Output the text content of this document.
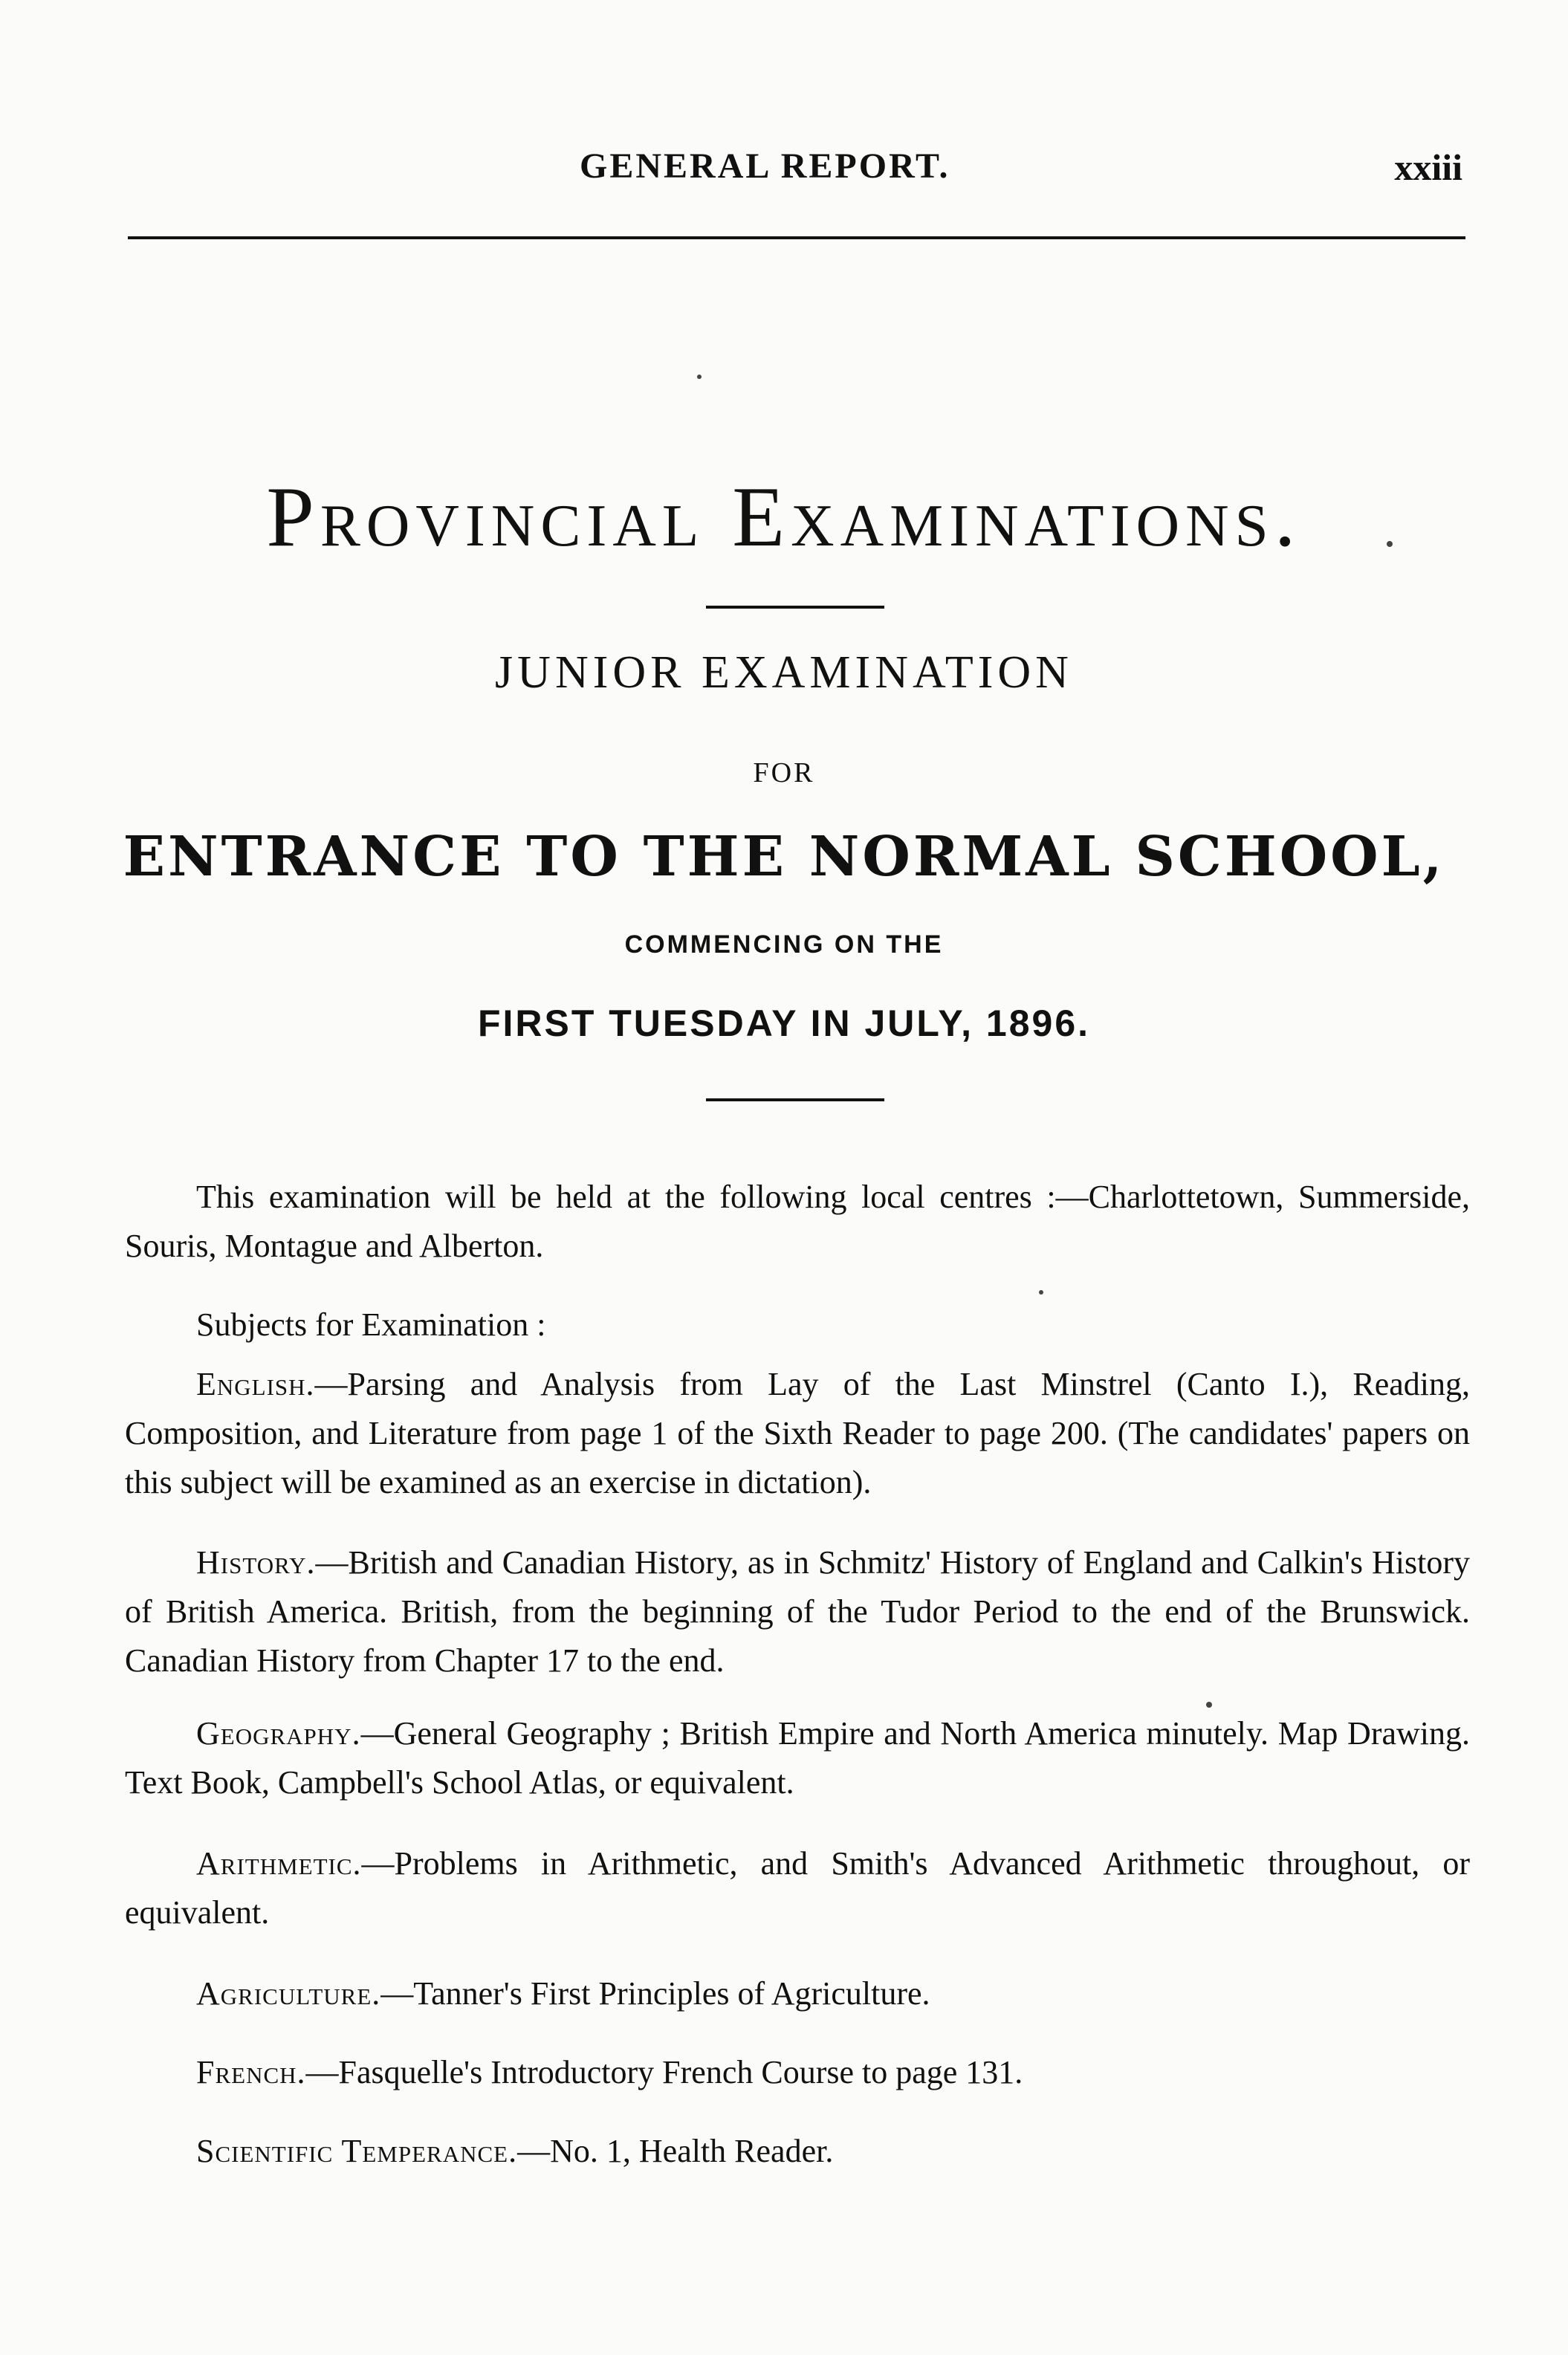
GENERAL REPORT.	xxiii
Provincial Examinations.
JUNIOR EXAMINATION
FOR
ENTRANCE TO THE NORMAL SCHOOL,
COMMENCING ON THE
FIRST TUESDAY IN JULY, 1896.
This examination will be held at the following local centres :—Charlottetown, Summerside, Souris, Montague and Alberton.
Subjects for Examination :
English.—Parsing and Analysis from Lay of the Last Minstrel (Canto I.), Reading, Composition, and Literature from page 1 of the Sixth Reader to page 200. (The candidates' papers on this subject will be examined as an exercise in dictation).
History.—British and Canadian History, as in Schmitz' History of England and Calkin's History of British America. British, from the beginning of the Tudor Period to the end of the Brunswick. Canadian History from Chapter 17 to the end.
Geography.—General Geography ; British Empire and North America minutely. Map Drawing. Text Book, Campbell's School Atlas, or equivalent.
Arithmetic.—Problems in Arithmetic, and Smith's Advanced Arithmetic throughout, or equivalent.
Agriculture.—Tanner's First Principles of Agriculture.
French.—Fasquelle's Introductory French Course to page 131.
Scientific Temperance.—No. 1, Health Reader.
